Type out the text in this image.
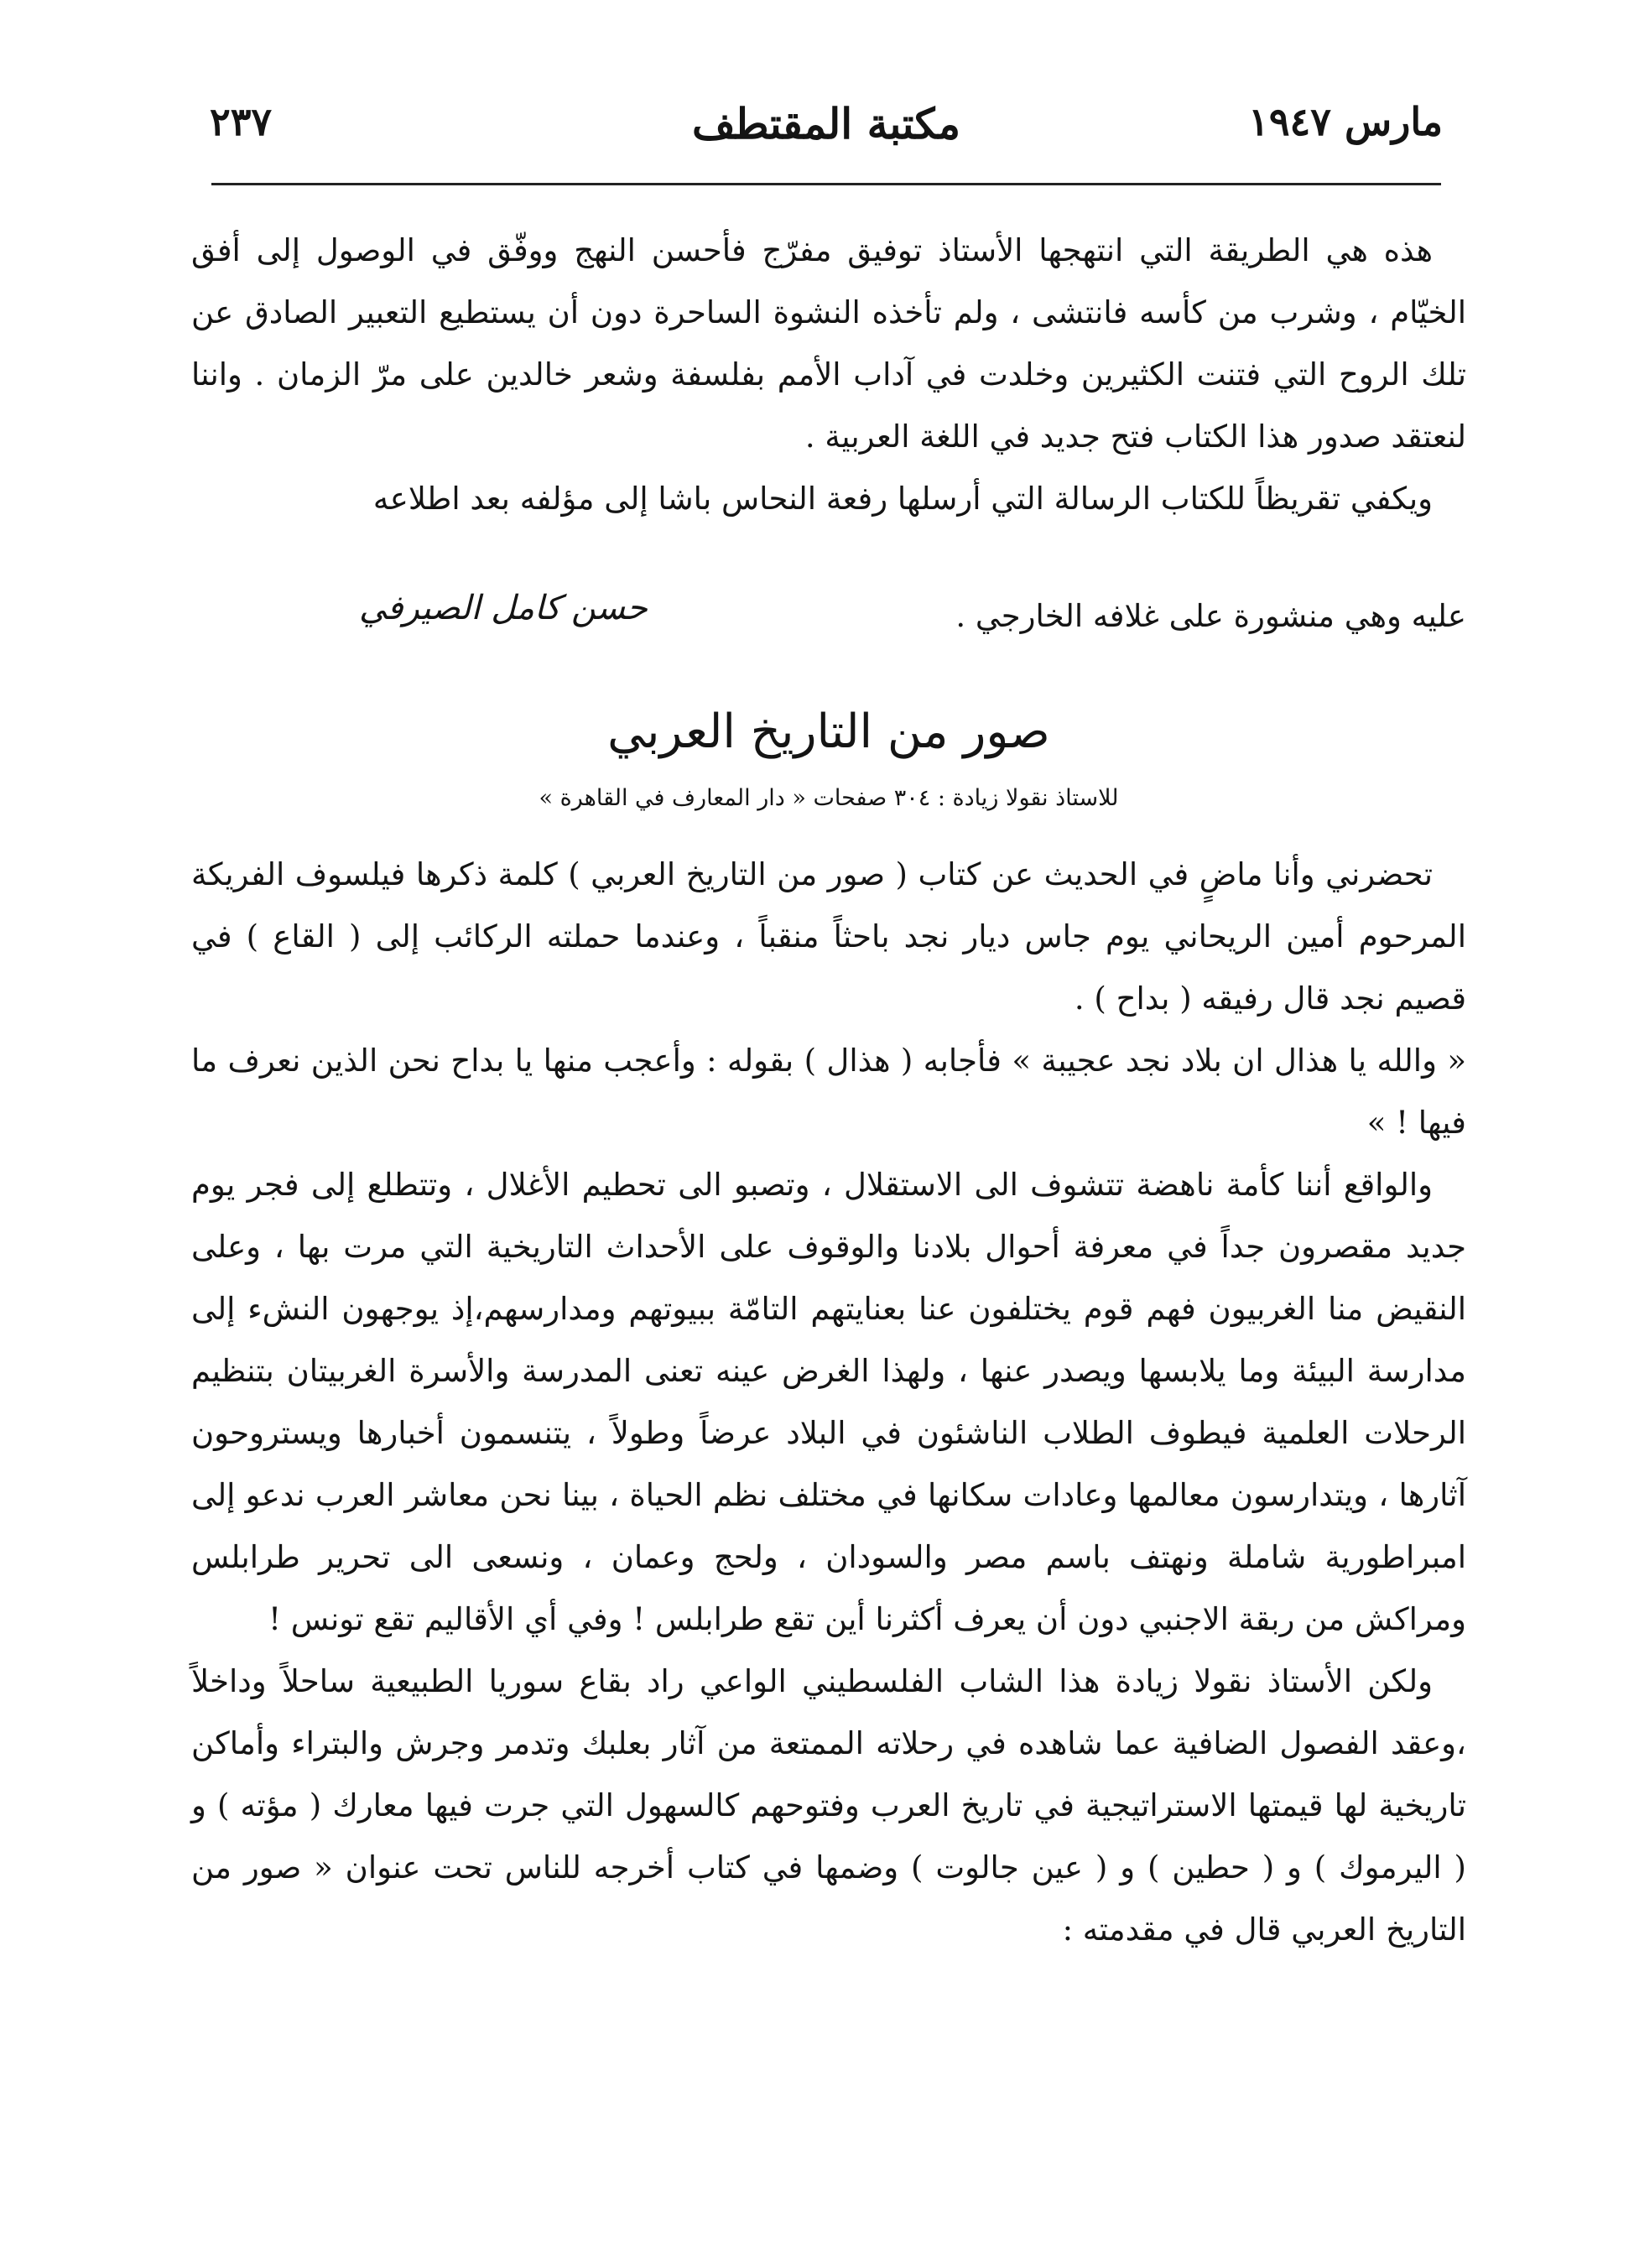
مارس ١٩٤٧
مكتبة المقتطف
٢٣٧

هذه هي الطريقة التي انتهجها الأستاذ توفيق مفرّج فأحسن النهج ووفّق في الوصول إلى أفق الخيّام ، وشرب من كأسه فانتشى ، ولم تأخذه النشوة الساحرة دون أن يستطيع التعبير الصادق عن تلك الروح التي فتنت الكثيرين وخلدت في آداب الأمم بفلسفة وشعر خالدين على مرّ الزمان . واننا لنعتقد صدور هذا الكتاب فتح جديد في اللغة العربية .

ويكفي تقريظاً للكتاب الرسالة التي أرسلها رفعة النحاس باشا إلى مؤلفه بعد اطلاعه

عليه وهي منشورة على غلافه الخارجي .
حسن كامل الصيرفي
صور من التاريخ العربي
للاستاذ نقولا زيادة : ٣٠٤ صفحات « دار المعارف في القاهرة »

تحضرني وأنا ماضٍ في الحديث عن كتاب ( صور من التاريخ العربي ) كلمة ذكرها فيلسوف الفريكة المرحوم أمين الريحاني يوم جاس ديار نجد باحثاً منقباً ، وعندما حملته الركائب إلى ( القاع ) في قصيم نجد قال رفيقه ( بداح ) .

« والله يا هذال ان بلاد نجد عجيبة » فأجابه ( هذال ) بقوله : وأعجب منها يا بداح نحن الذين نعرف ما فيها ! »

والواقع أننا كأمة ناهضة تتشوف الى الاستقلال ، وتصبو الى تحطيم الأغلال ، وتتطلع إلى فجر يوم جديد مقصرون جداً في معرفة أحوال بلادنا والوقوف على الأحداث التاريخية التي مرت بها ، وعلى النقيض منا الغربيون فهم قوم يختلفون عنا بعنايتهم التامّة ببيوتهم ومدارسهم،إذ يوجهون النشء إلى مدارسة البيئة وما يلابسها ويصدر عنها ، ولهذا الغرض عينه تعنى المدرسة والأسرة الغربيتان بتنظيم الرحلات العلمية فيطوف الطلاب الناشئون في البلاد عرضاً وطولاً ، يتنسمون أخبارها ويستروحون آثارها ، ويتدارسون معالمها وعادات سكانها في مختلف نظم الحياة ، بينا نحن معاشر العرب ندعو إلى امبراطورية شاملة ونهتف باسم مصر والسودان ، ولحج وعمان ، ونسعى الى تحرير طرابلس ومراكش من ربقة الاجنبي دون أن يعرف أكثرنا أين تقع طرابلس ! وفي أي الأقاليم تقع تونس !

ولكن الأستاذ نقولا زيادة هذا الشاب الفلسطيني الواعي راد بقاع سوريا الطبيعية ساحلاً وداخلاً ،وعقد الفصول الضافية عما شاهده في رحلاته الممتعة من آثار بعلبك وتدمر وجرش والبتراء وأماكن تاريخية لها قيمتها الاستراتيجية في تاريخ العرب وفتوحهم كالسهول التي جرت فيها معارك ( مؤته ) و ( اليرموك ) و ( حطين ) و ( عين جالوت ) وضمها في كتاب أخرجه للناس تحت عنوان « صور من التاريخ العربي قال في مقدمته :
